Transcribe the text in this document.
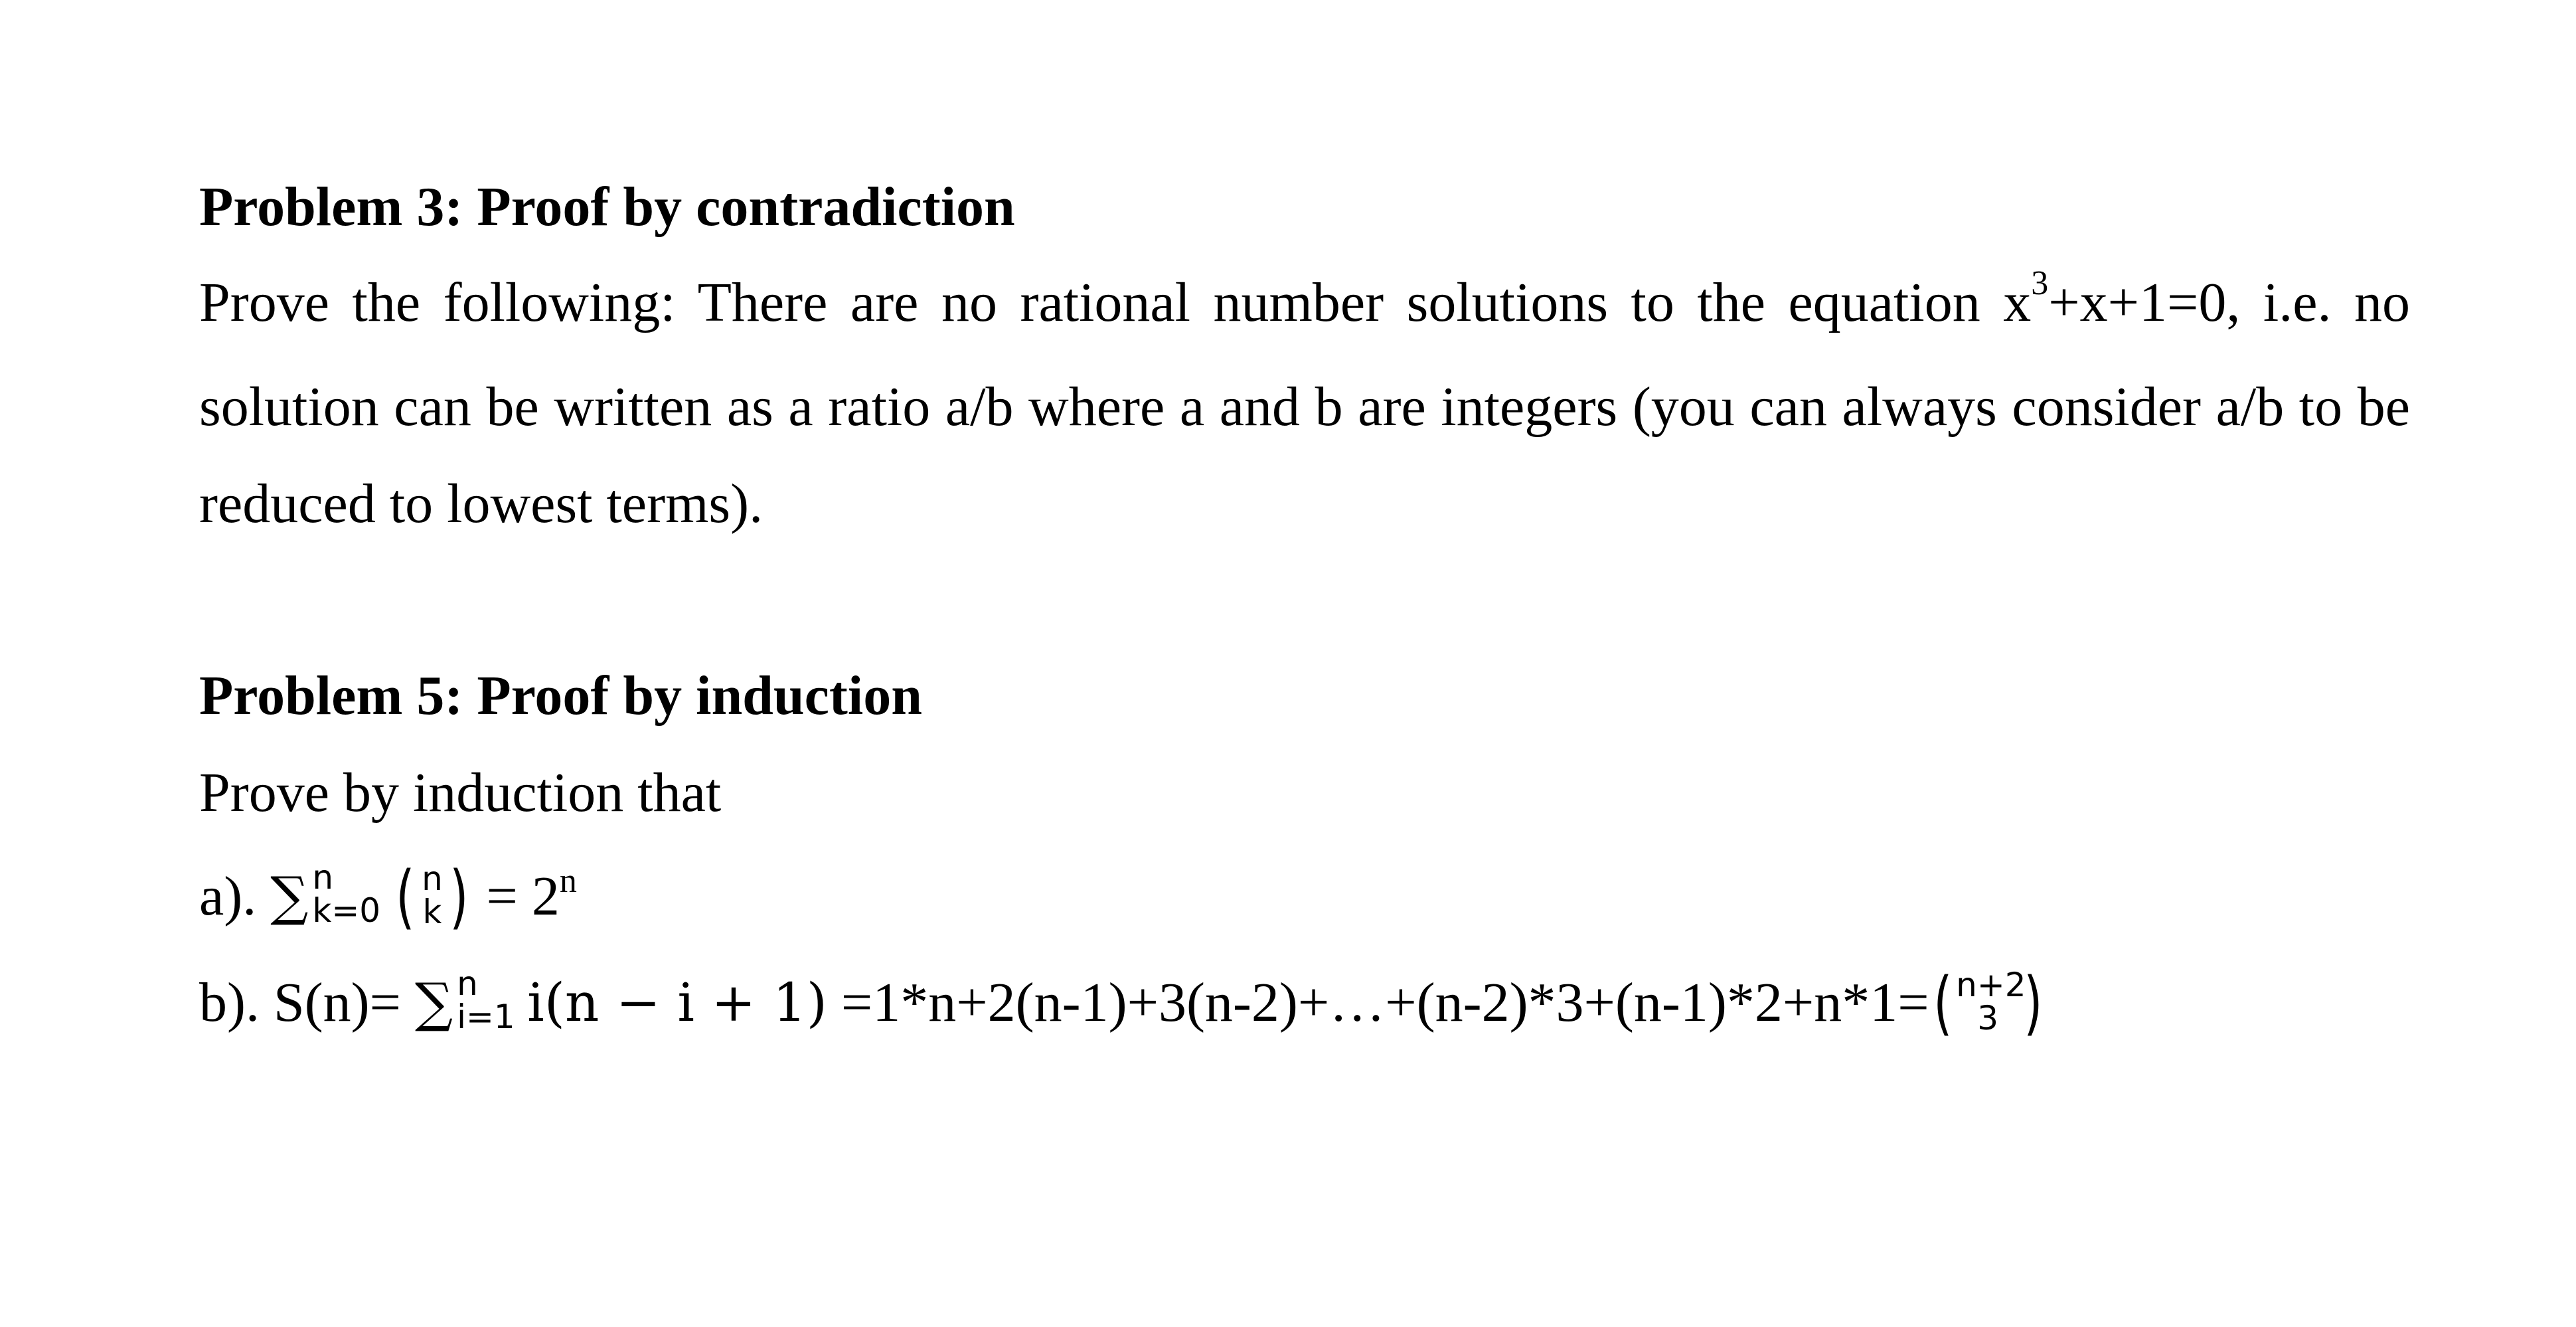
Problem 3: Proof by contradiction
Prove the following: There are no rational number solutions to the equation $x^3+x+1=0$, i.e. no solution can be written as a ratio a/b where a and b are integers (you can always consider a/b to be reduced to lowest terms).
Problem 5: Proof by induction
Prove by induction that
a). ∑ n
k=0 ( n
k ) = $2^n$
b). S(n)= ∑ n
i=1 i(n − i + 1) =1*n+2(n-1)+3(n-2)+…+(n-2)*3+(n-1)*2+n*1=( n+2
3 )
